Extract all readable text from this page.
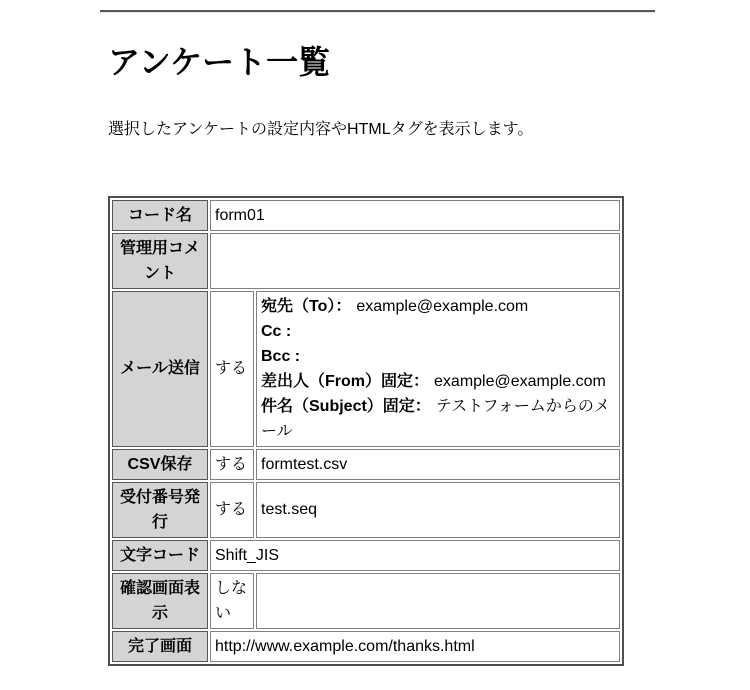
アンケート一覧

選択したアンケートの設定内容やHTMLタグを表示します。

コード名	form01	
管理用コメント		
メール送信	する	宛先（To）： example@example.com
Cc :
Bcc :
差出人（From）固定： example@example.com
件名（Subject）固定： テストフォームからのメール

CSV保存	する	formtest.csv
受付番号発行	する	test.seq
文字コード	Shift_JIS	
確認画面表示	しない	
完了画面	http://www.example.com/thanks.html	
